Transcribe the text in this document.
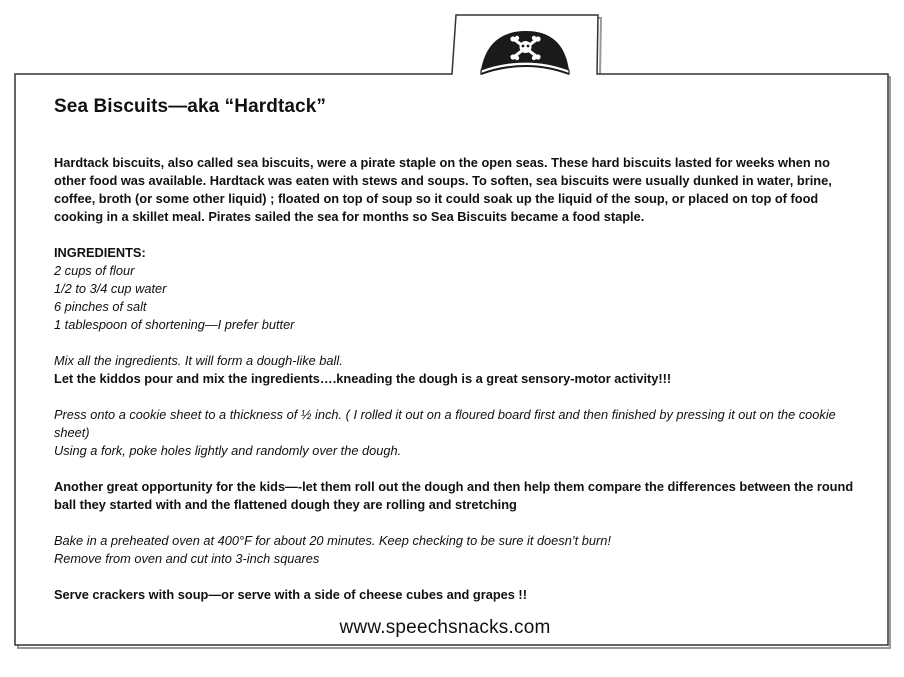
Sea Biscuits—aka “Hardtack”

Hardtack biscuits, also called sea biscuits, were a pirate staple on the open seas. These hard biscuits lasted for weeks when no other food was available. Hardtack was eaten with stews and soups. To soften, sea biscuits were usually dunked in water, brine, coffee, broth (or some other liquid) ; floated on top of soup so it could soak up the liquid of the soup, or placed on top of food cooking in a skillet meal. Pirates sailed the sea for months so Sea Biscuits became a food staple.

INGREDIENTS:

2 cups of flour

1/2 to 3/4 cup water

6 pinches of salt

1 tablespoon of shortening—I prefer butter

Mix all the ingredients. It will form a dough-like ball.

Let the kiddos pour and mix the ingredients….kneading the dough is a great sensory-motor activity!!!

Press onto a cookie sheet to a thickness of ½ inch. ( I rolled it out on a floured board first and then finished by pressing it out on the cookie sheet)

Using a fork, poke holes lightly and randomly over the dough.

Another great opportunity for the kids—-let them roll out the dough and then help them compare the differences between the round ball they started with and the flattened dough they are rolling and stretching

Bake in a preheated oven at 400°F for about 20 minutes. Keep checking to be sure it doesn’t burn!

Remove from oven and cut into 3-inch squares

Serve crackers with soup—or serve with a side of cheese cubes and grapes !!

www.speechsnacks.com
